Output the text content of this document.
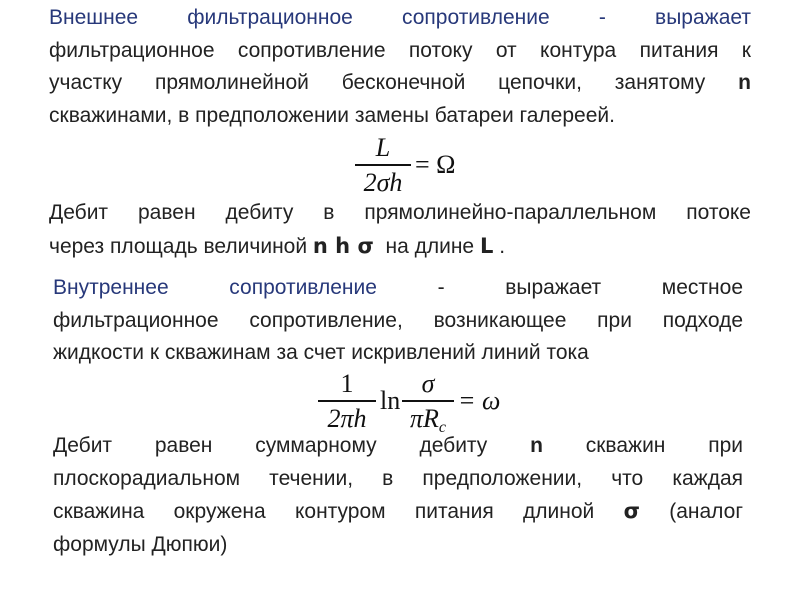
Внешнее фильтрационное сопротивление - выражает
фильтрационное сопротивление потоку от контура питания к
участку прямолинейной бесконечной цепочки, занятому n
скважинами, в предположении замены батареи галереей.
L
2σh
= Ω
Дебит равен дебиту в прямолинейно-параллельном потоке
через площадь величиной n h σ на длине L .
Внутреннее сопротивление	- выражает местное
фильтрационное сопротивление, возникающее при подходе
жидкости к скважинам за счет искривлений линий тока
1
2πh
ln
σ
$\pi R_c$
= ω
Дебит равен суммарному дебиту n скважин при
плоскорадиальном течении, в предположении, что каждая
скважина окружена контуром питания длиной σ (аналог
формулы Дюпюи)
